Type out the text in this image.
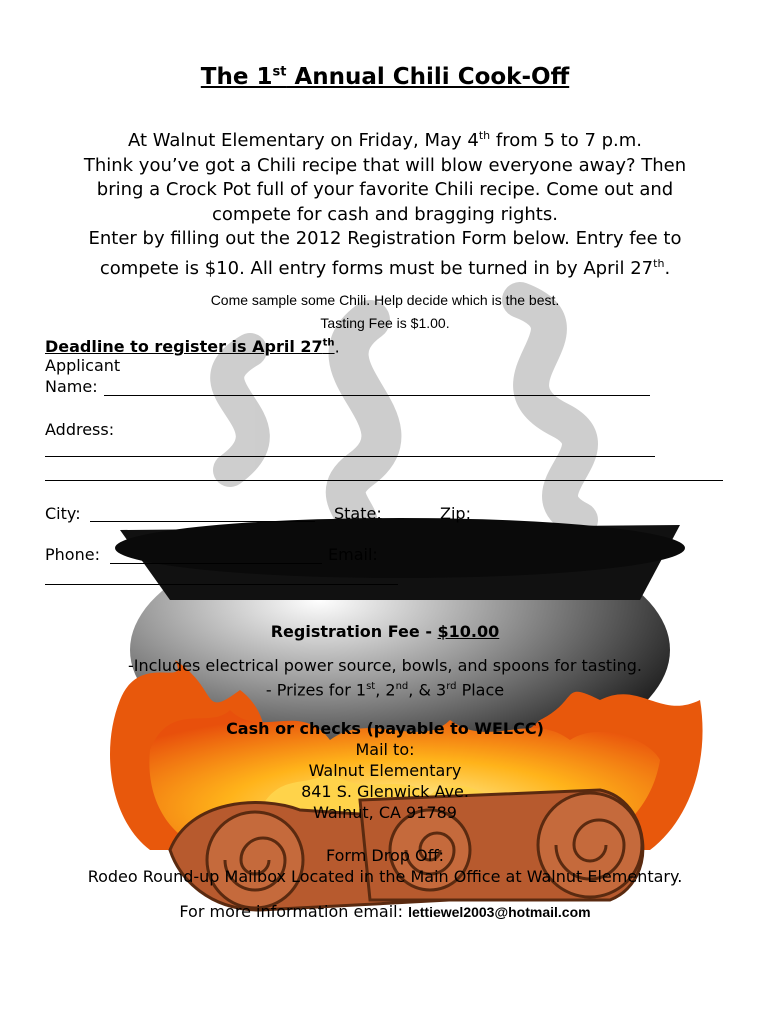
The 1st Annual Chili Cook-Off
At Walnut Elementary on Friday, May 4th from 5 to 7 p.m.
Think you’ve got a Chili recipe that will blow everyone away? Then
bring a Crock Pot full of your favorite Chili recipe. Come out and
compete for cash and bragging rights.
Enter by filling out the 2012 Registration Form below. Entry fee to
compete is $10. All entry forms must be turned in by April 27th.
Come sample some Chili. Help decide which is the best.
Tasting Fee is $1.00.
Deadline to register is April 27th.
Applicant
Name:
Address:
City:	State:	Zip:
Phone:	Email:
Registration Fee - $10.00
-Includes electrical power source, bowls, and spoons for tasting.
- Prizes for 1st, 2nd, & 3rd Place
Cash or checks (payable to WELCC)
Mail to:
Walnut Elementary
841 S. Glenwick Ave.
Walnut, CA 91789
Form Drop Off:
Rodeo Round-up Mailbox Located in the Main Office at Walnut Elementary.
For more information email: lettiewel2003@hotmail.com
